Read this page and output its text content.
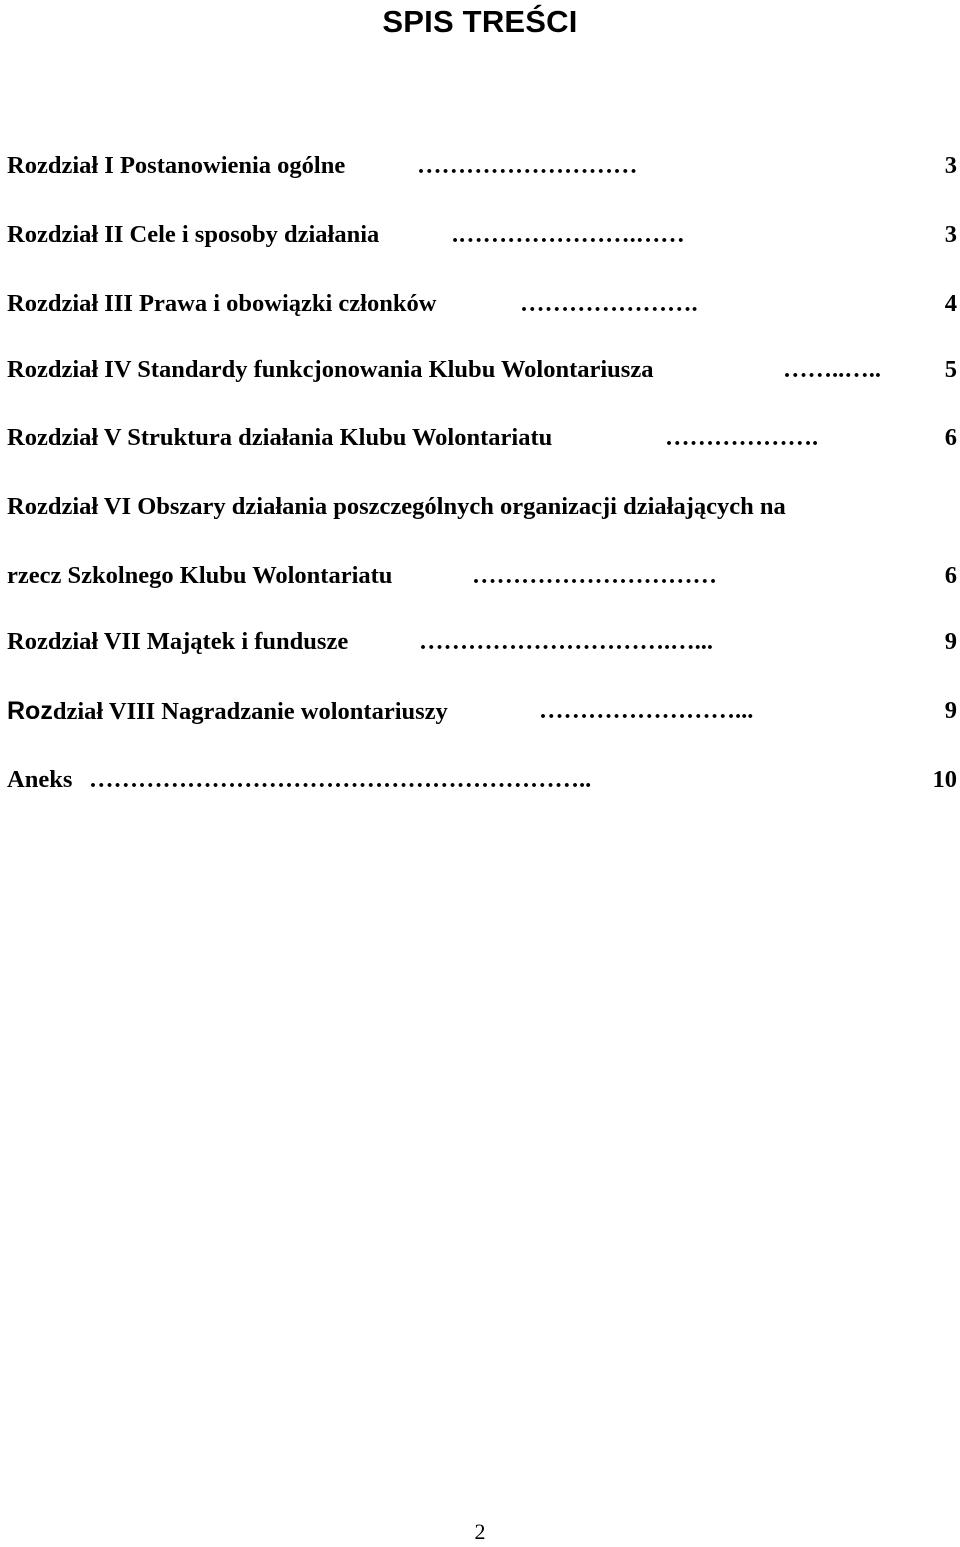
SPIS TREŚCI
Rozdział I Postanowienia ogólne	………………………	3
Rozdział II Cele i sposoby działania	.………………….……	3
Rozdział III Prawa i obowiązki członków	………………….	4
Rozdział IV Standardy funkcjonowania Klubu Wolontariusza	……..…..	5
Rozdział V Struktura działania Klubu Wolontariatu	……………….	6
Rozdział VI Obszary działania poszczególnych organizacji działających na
rzecz Szkolnego Klubu Wolontariatu	…………………………	6
Rozdział VII Majątek i fundusze	………………………….…...	9
Rozdział VIII Nagradzanie wolontariuszy	……………………...	9
Aneks ……………………………………………………..	10
2
